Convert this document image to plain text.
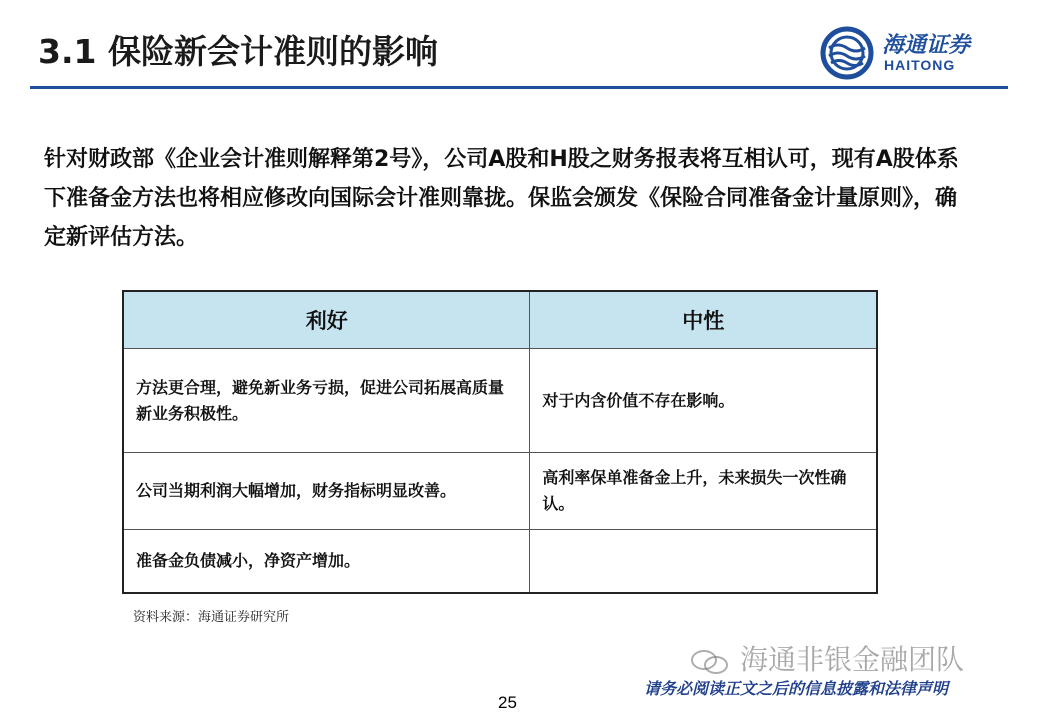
3.1 保险新会计准则的影响	海通证券
HAITONG
针对财政部《企业会计准则解释第2号》，公司A股和H股之财务报表将互相认可，现有A股体系下准备金方法也将相应修改向国际会计准则靠拢。保监会颁发《保险合同准备金计量原则》，确定新评估方法。
利好	中性
方法更合理，避免新业务亏损，促进公司拓展高质量新业务积极性。	对于内含价值不存在影响。
公司当期利润大幅增加，财务指标明显改善。	高利率保单准备金上升，未来损失一次性确认。
准备金负债减小，净资产增加。	
资料来源：海通证券研究所
海通非银金融团队
请务必阅读正文之后的信息披露和法律声明
25
